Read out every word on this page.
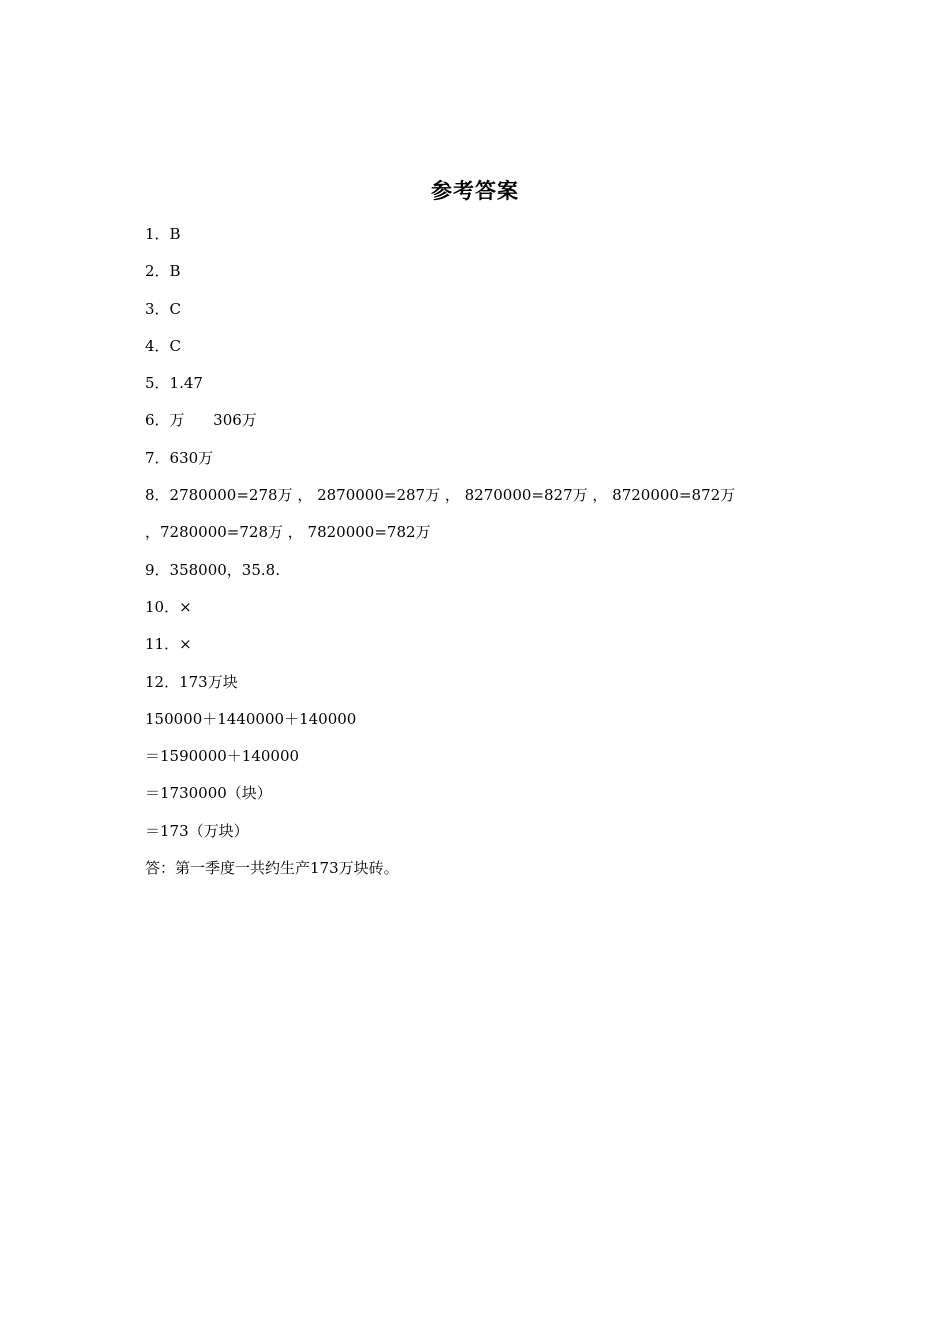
参考答案
1．B
2．B
3．C
4．C
5．1.47
6．万      306万
7．630万
8．2780000=278万 ， 2870000=287万 ， 8270000=827万 ， 8720000=872万
，7280000=728万 ， 7820000=782万
9．358000，35.8.
10．×
11．×
12．173万块
150000＋1440000＋140000
＝1590000＋140000
＝1730000（块）
＝173（万块）
答：第一季度一共约生产173万块砖。
